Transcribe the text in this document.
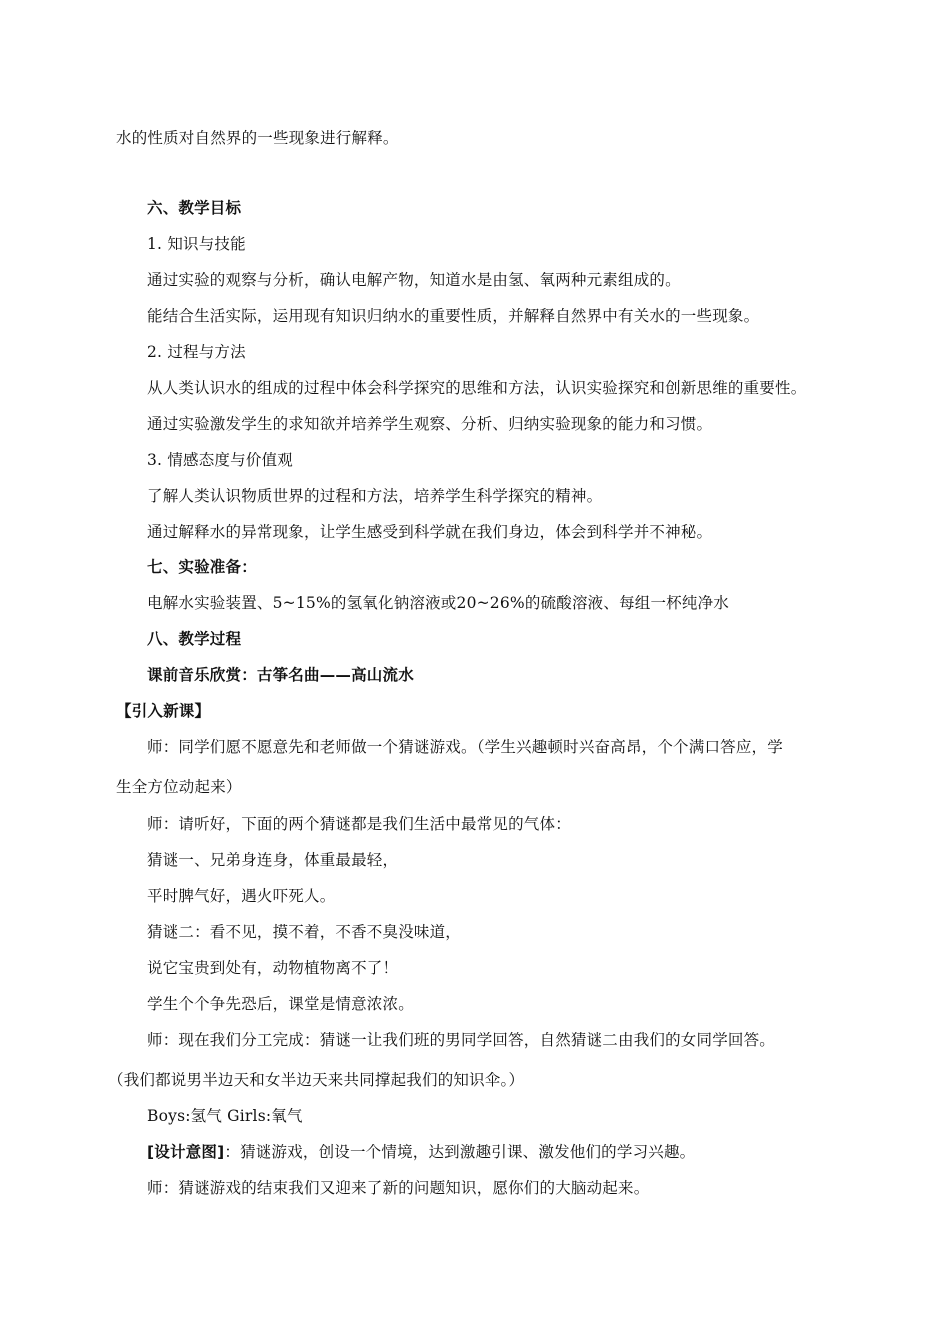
水的性质对自然界的一些现象进行解释。
六、教学目标
1. 知识与技能
通过实验的观察与分析，确认电解产物，知道水是由氢、氧两种元素组成的。
能结合生活实际，运用现有知识归纳水的重要性质，并解释自然界中有关水的一些现象。
2. 过程与方法
从人类认识水的组成的过程中体会科学探究的思维和方法，认识实验探究和创新思维的重要性。
通过实验激发学生的求知欲并培养学生观察、分析、归纳实验现象的能力和习惯。
3. 情感态度与价值观
了解人类认识物质世界的过程和方法，培养学生科学探究的精神。
通过解释水的异常现象，让学生感受到科学就在我们身边，体会到科学并不神秘。
七、实验准备：
电解水实验装置、5~15%的氢氧化钠溶液或20~26%的硫酸溶液、每组一杯纯净水
八、教学过程
课前音乐欣赏：古筝名曲——高山流水
【引入新课】
师：同学们愿不愿意先和老师做一个猜谜游戏。（学生兴趣顿时兴奋高昂，个个满口答应，学
生全方位动起来）
师：请听好，下面的两个猜谜都是我们生活中最常见的气体：
猜谜一、兄弟身连身，体重最最轻，
平时脾气好，遇火吓死人。
猜谜二：看不见，摸不着，不香不臭没味道，
说它宝贵到处有，动物植物离不了！
学生个个争先恐后，课堂是情意浓浓。
师：现在我们分工完成：猜谜一让我们班的男同学回答，自然猜谜二由我们的女同学回答。
（我们都说男半边天和女半边天来共同撑起我们的知识伞。）
Boys:氢气 Girls:氧气
[设计意图]：猜谜游戏，创设一个情境，达到激趣引课、激发他们的学习兴趣。
师：猜谜游戏的结束我们又迎来了新的问题知识，愿你们的大脑动起来。
